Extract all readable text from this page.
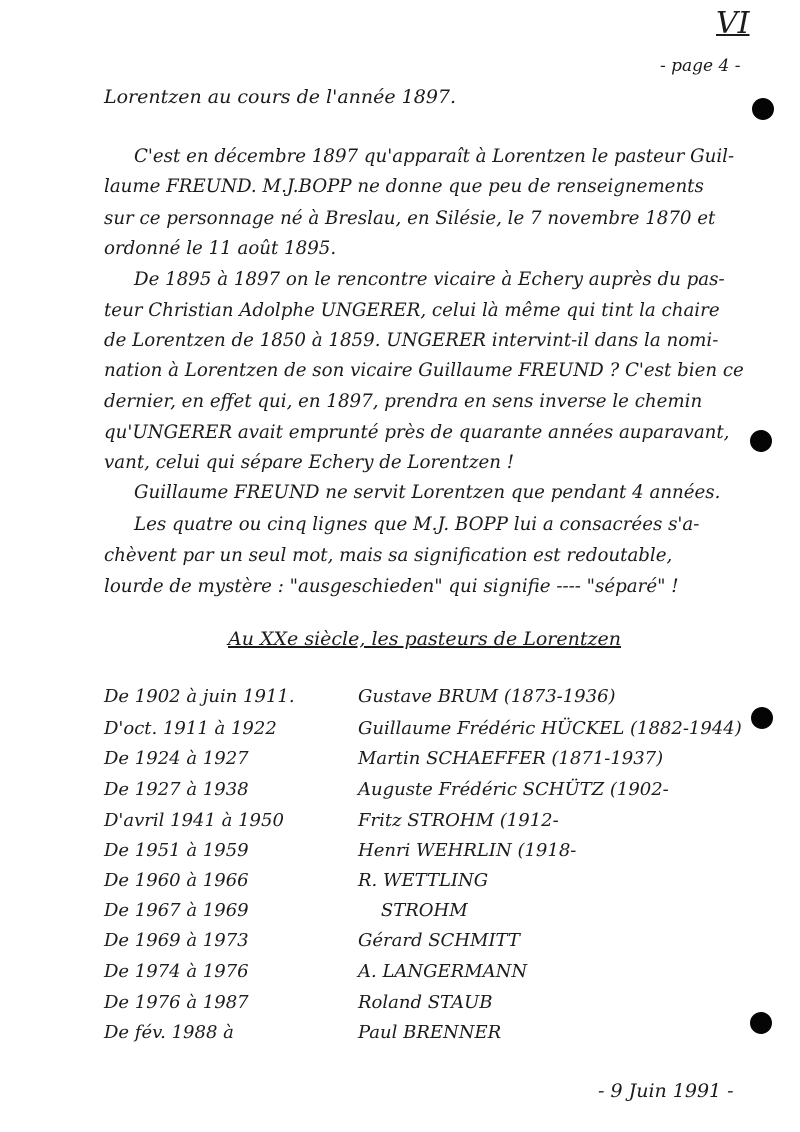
VI
- page 4 -
Lorentzen au cours de l'année 1897.
C'est en décembre 1897 qu'apparaît à Lorentzen le pasteur Guil-
laume FREUND. M.J.BOPP ne donne que peu de renseignements
sur ce personnage né à Breslau, en Silésie, le 7 novembre 1870 et
ordonné le 11 août 1895.
De 1895 à 1897 on le rencontre vicaire à Echery auprès du pas-
teur Christian Adolphe UNGERER, celui là même qui tint la chaire
de Lorentzen de 1850 à 1859. UNGERER intervint-il dans la nomi-
nation à Lorentzen de son vicaire Guillaume FREUND ? C'est bien ce
dernier, en effet qui, en 1897, prendra en sens inverse le chemin
qu'UNGERER avait emprunté près de quarante années auparavant,
vant, celui qui sépare Echery de Lorentzen !
Guillaume FREUND ne servit Lorentzen que pendant 4 années.
Les quatre ou cinq lignes que M.J. BOPP lui a consacrées s'a-
chèvent par un seul mot, mais sa signification est redoutable,
lourde de mystère : "ausgeschieden" qui signifie ---- "séparé" !
Au XXe siècle, les pasteurs de Lorentzen
De 1902 à juin 1911.	Gustave BRUM (1873-1936)
D'oct. 1911 à 1922	Guillaume Frédéric HÜCKEL (1882-1944)
De 1924 à 1927	Martin SCHAEFFER (1871-1937)
De 1927 à 1938	Auguste Frédéric SCHÜTZ (1902-
D'avril 1941 à 1950	Fritz STROHM (1912-
De 1951 à 1959	Henri WEHRLIN (1918-
De 1960 à 1966	R. WETTLING
De 1967 à 1969	STROHM
De 1969 à 1973	Gérard SCHMITT
De 1974 à 1976	A. LANGERMANN
De 1976 à 1987	Roland STAUB
De fév. 1988 à	Paul BRENNER
- 9 Juin 1991 -
